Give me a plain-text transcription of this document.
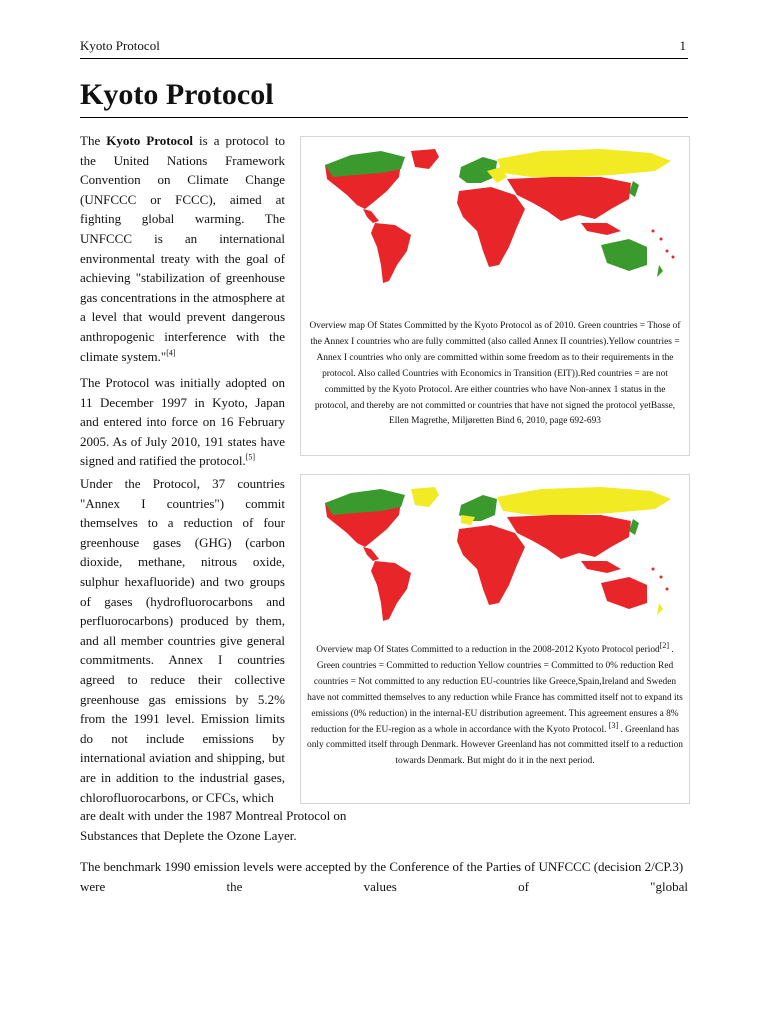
Kyoto Protocol	1
Kyoto Protocol

The Kyoto Protocol is a protocol to the United Nations Framework Convention on Climate Change (UNFCCC or FCCC), aimed at fighting global warming. The UNFCCC is an international environmental treaty with the goal of achieving "stabilization of greenhouse gas concentrations in the atmosphere at a level that would prevent dangerous anthropogenic interference with the climate system."[4]

The Protocol was initially adopted on 11 December 1997 in Kyoto, Japan and entered into force on 16 February 2005. As of July 2010, 191 states have signed and ratified the protocol.[5]

Under the Protocol, 37 countries "Annex I countries") commit themselves to a reduction of four greenhouse gases (GHG) (carbon dioxide, methane, nitrous oxide, sulphur hexafluoride) and two groups of gases (hydrofluorocarbons and perfluorocarbons) produced by them, and all member countries give general commitments. Annex I countries agreed to reduce their collective greenhouse gas emissions by 5.2% from the 1991 level. Emission limits do not include emissions by international aviation and shipping, but are in addition to the industrial gases, chlorofluorocarbons, or CFCs, which

are dealt with under the 1987 Montreal Protocol on Substances that Deplete the Ozone Layer.
The benchmark 1990 emission levels were accepted by the Conference of the Parties of UNFCCC (decision 2/CP.3)
were	the	values	of	"global
Overview map Of States Committed by the Kyoto Protocol as of 2010. Green countries = Those of the Annex I countries who are fully committed (also called Annex II countries).Yellow countries = Annex I countries who only are committed within some freedom as to their requirements in the protocol. Also called Countries with Economics in Transition (EIT)).Red countries = are not committed by the Kyoto Protocol. Are either countries who have Non-annex 1 status in the protocol, and thereby are not committed or countries that have not signed the protocol yetBasse, Ellen Magrethe, Miljøretten Bind 6, 2010, page 692-693
Overview map Of States Committed to a reduction in the 2008-2012 Kyoto Protocol period[2] . Green countries = Committed to reduction Yellow countries = Committed to 0% reduction Red countries = Not committed to any reduction EU-countries like Greece,Spain,Ireland and Sweden have not committed themselves to any reduction while France has committed itself not to expand its emissions (0% reduction) in the internal-EU distribution agreement. This agreement ensures a 8% reduction for the EU-region as a whole in accordance with the Kyoto Protocol. [3] . Greenland has only committed itself through Denmark. However Greenland has not committed itself to a reduction towards Denmark. But might do it in the next period.
